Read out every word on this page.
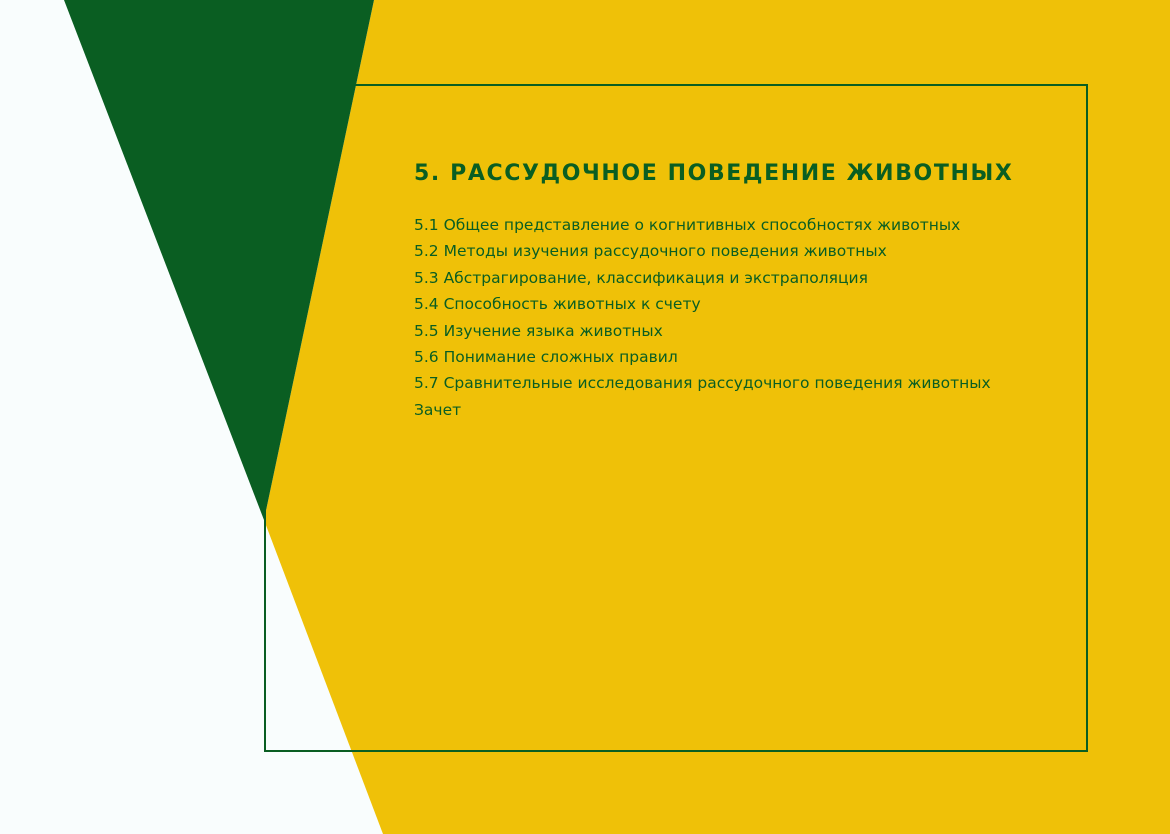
5. РАССУДОЧНОЕ ПОВЕДЕНИЕ ЖИВОТНЫХ
5.1 Общее представление о когнитивных способностях животных
5.2 Методы изучения рассудочного поведения животных
5.3 Абстрагирование, классификация и экстраполяция
5.4 Способность животных к счету
5.5 Изучение языка животных
5.6 Понимание сложных правил
5.7 Сравнительные исследования рассудочного поведения животных
Зачет
